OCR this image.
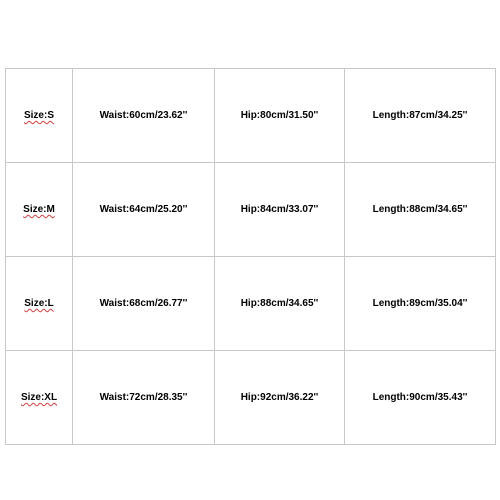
Size:S	Waist:60cm/23.62''	Hip:80cm/31.50''	Length:87cm/34.25''
Size:M	Waist:64cm/25.20''	Hip:84cm/33.07''	Length:88cm/34.65''
Size:L	Waist:68cm/26.77''	Hip:88cm/34.65''	Length:89cm/35.04''
Size:XL	Waist:72cm/28.35''	Hip:92cm/36.22''	Length:90cm/35.43''
